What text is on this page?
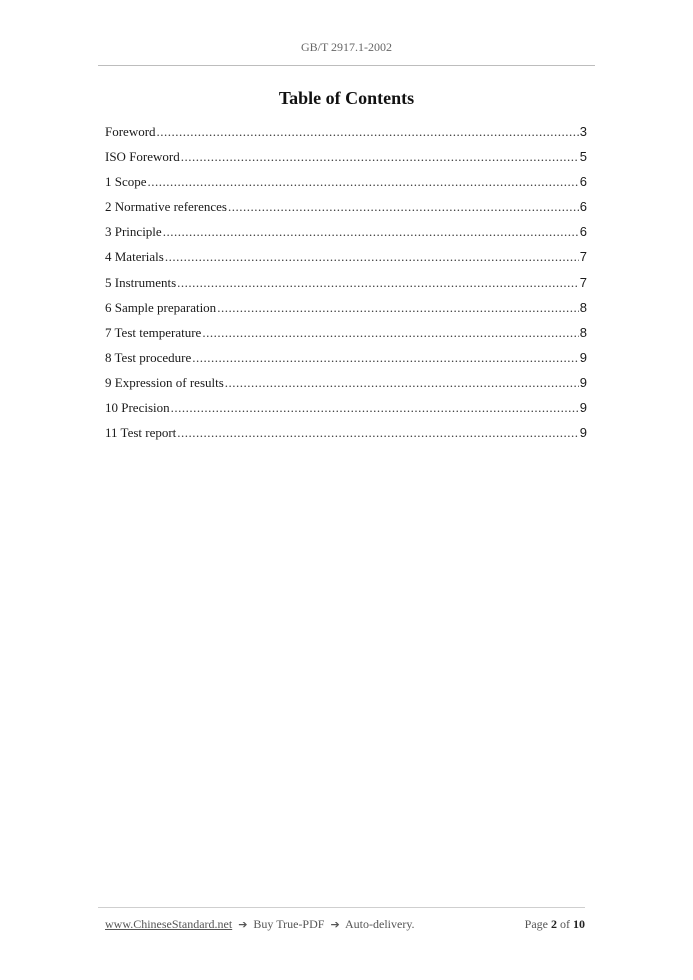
GB/T 2917.1-2002
Table of Contents
Foreword .....	3
ISO Foreword .....	5
1 Scope .....	6
2 Normative references .....	6
3 Principle .....	6
4 Materials .....	7
5 Instruments .....	7
6 Sample preparation .....	8
7 Test temperature .....	8
8 Test procedure .....	9
9 Expression of results .....	9
10 Precision .....	9
11 Test report .....	9
www.ChineseStandard.net ➔ Buy True-PDF ➔ Auto-delivery.	Page 2 of 10
